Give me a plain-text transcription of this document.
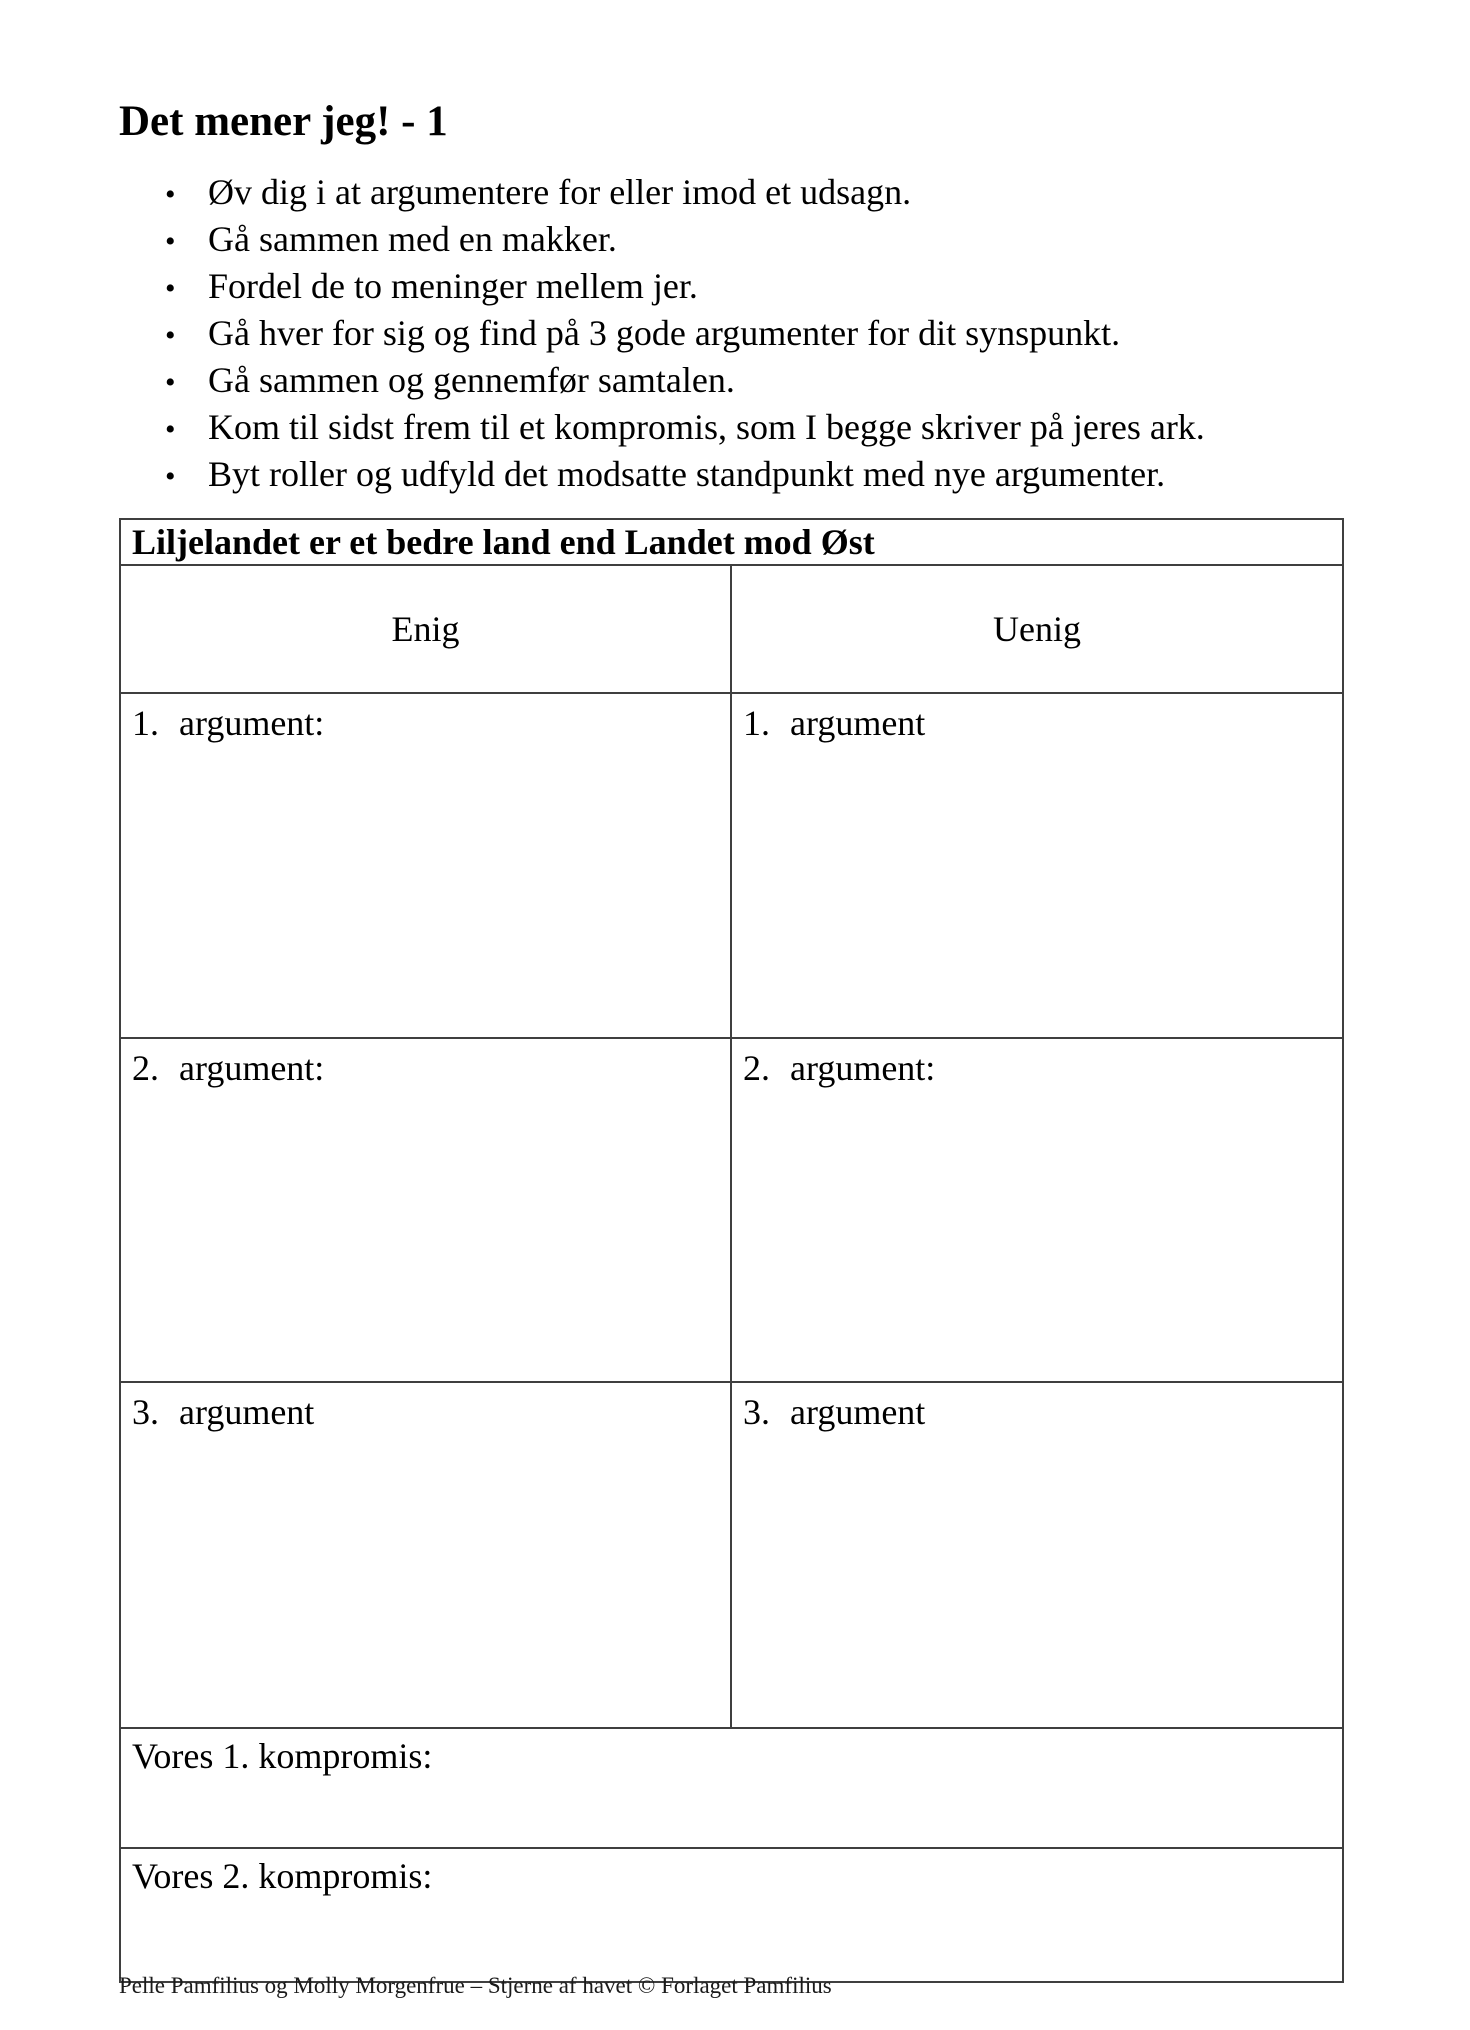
Det mener jeg! - 1
• Øv dig i at argumentere for eller imod et udsagn.
• Gå sammen med en makker.
• Fordel de to meninger mellem jer.
• Gå hver for sig og find på 3 gode argumenter for dit synspunkt.
• Gå sammen og gennemfør samtalen.
• Kom til sidst frem til et kompromis, som I begge skriver på jeres ark.
• Byt roller og udfyld det modsatte standpunkt med nye argumenter.
Liljelandet er et bedre land end Landet mod Øst	
Enig	Uenig
1. argument:	1. argument
2. argument:	2. argument:
3. argument	3. argument
Vores 1. kompromis:	
Vores 2. kompromis:	
Pelle Pamfilius og Molly Morgenfrue – Stjerne af havet © Forlaget Pamfilius
